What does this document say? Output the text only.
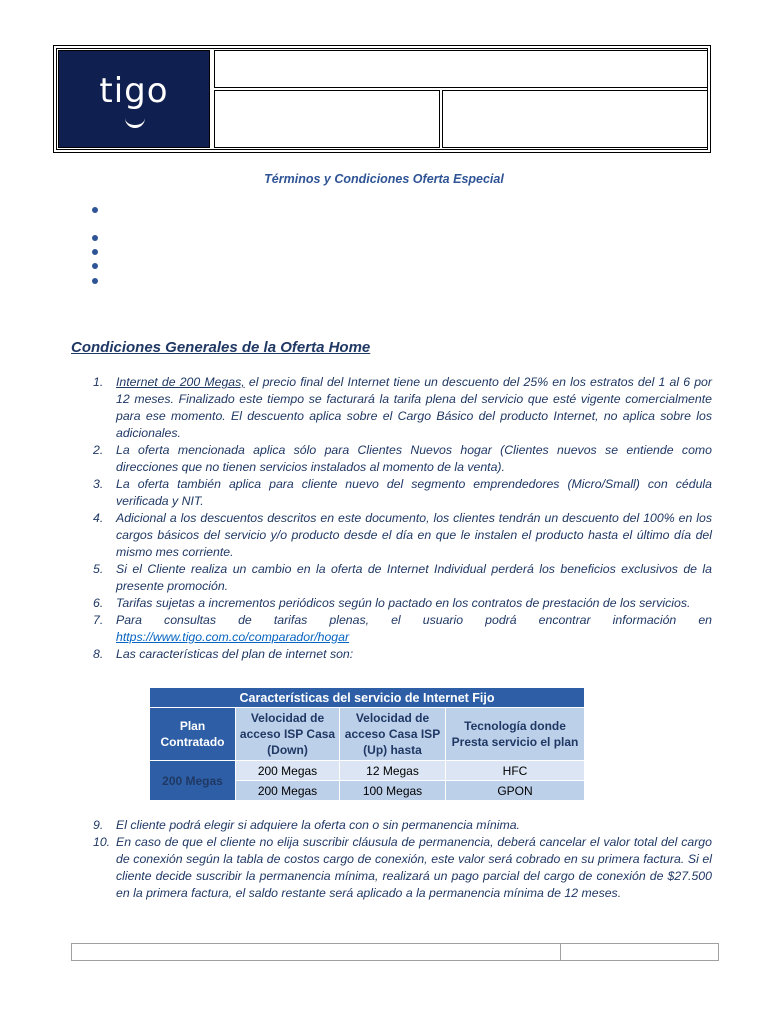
tigo
Términos y Condiciones Oferta Especial
Condiciones Generales de la Oferta Home
1. Internet de 200 Megas, el precio final del Internet tiene un descuento del 25% en los estratos del 1 al 6 por 12 meses. Finalizado este tiempo se facturará la tarifa plena del servicio que esté vigente comercialmente para ese momento. El descuento aplica sobre el Cargo Básico del producto Internet, no aplica sobre los adicionales.
2. La oferta mencionada aplica sólo para Clientes Nuevos hogar (Clientes nuevos se entiende como direcciones que no tienen servicios instalados al momento de la venta).
3. La oferta también aplica para cliente nuevo del segmento emprendedores (Micro/Small) con cédula verificada y NIT.
4. Adicional a los descuentos descritos en este documento, los clientes tendrán un descuento del 100% en los cargos básicos del servicio y/o producto desde el día en que le instalen el producto hasta el último día del mismo mes corriente.
5. Si el Cliente realiza un cambio en la oferta de Internet Individual perderá los beneficios exclusivos de la presente promoción.
6. Tarifas sujetas a incrementos periódicos según lo pactado en los contratos de prestación de los servicios.
7. Para consultas de tarifas plenas, el usuario podrá encontrar información en https://www.tigo.com.co/comparador/hogar
8. Las características del plan de internet son:
Características del servicio de Internet Fijo			
Plan Contratado	Velocidad de acceso ISP Casa (Down)	Velocidad de acceso Casa ISP (Up) hasta	Tecnología donde Presta servicio el plan
200 Megas	200 Megas	12 Megas	HFC
	200 Megas	100 Megas	GPON
9. El cliente podrá elegir si adquiere la oferta con o sin permanencia mínima.
10. En caso de que el cliente no elija suscribir cláusula de permanencia, deberá cancelar el valor total del cargo de conexión según la tabla de costos cargo de conexión, este valor será cobrado en su primera factura. Si el cliente decide suscribir la permanencia mínima, realizará un pago parcial del cargo de conexión de $27.500 en la primera factura, el saldo restante será aplicado a la permanencia mínima de 12 meses.
